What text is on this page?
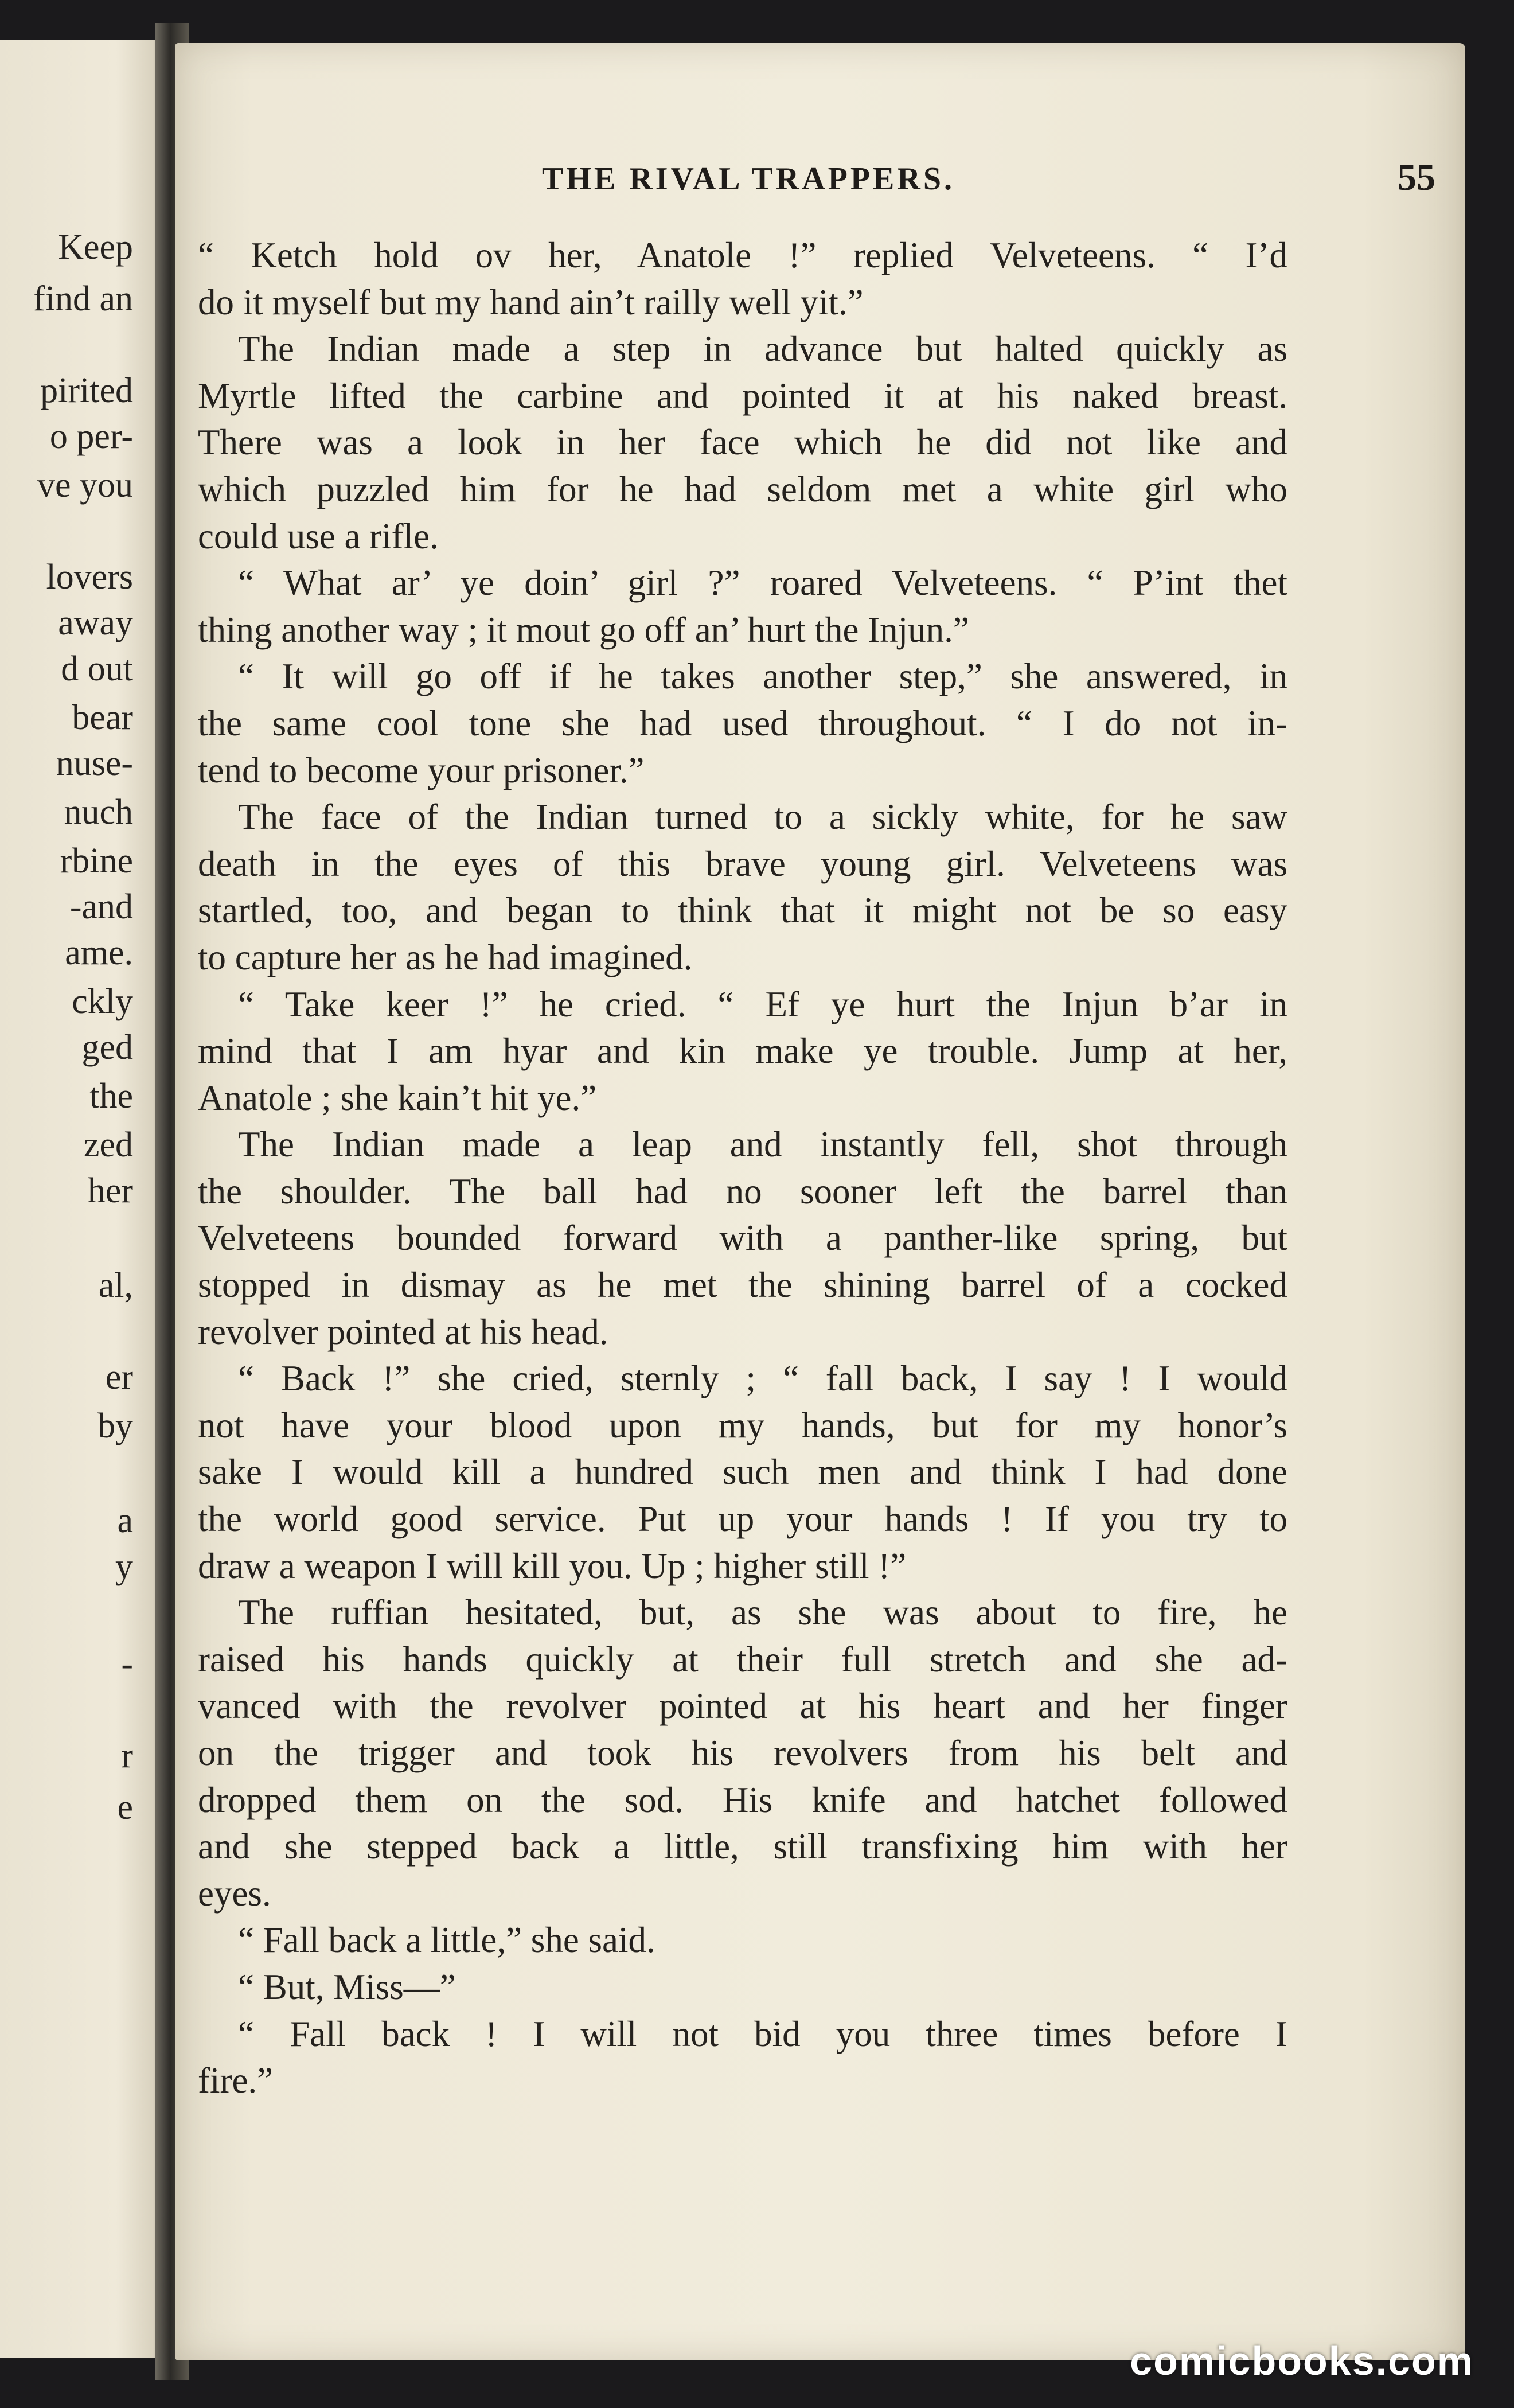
Keep
find an
pirited
o per-
ve you
lovers
away
d out
bear
nuse-
nuch
rbine
-and
ame.
ckly
ged
the
zed
her
al,
er
by
a
y
-
r
e
THE RIVAL TRAPPERS.	55
“ Ketch hold ov her, Anatole !” replied Velveteens. “ I’d
do it myself but my hand ain’t railly well yit.”
The Indian made a step in advance but halted quickly as
Myrtle lifted the carbine and pointed it at his naked breast.
There was a look in her face which he did not like and
which puzzled him for he had seldom met a white girl who
could use a rifle.
“ What ar’ ye doin’ girl ?” roared Velveteens. “ P’int thet
thing another way ; it mout go off an’ hurt the Injun.”
“ It will go off if he takes another step,” she answered, in
the same cool tone she had used throughout. “ I do not in-
tend to become your prisoner.”
The face of the Indian turned to a sickly white, for he saw
death in the eyes of this brave young girl. Velveteens was
startled, too, and began to think that it might not be so easy
to capture her as he had imagined.
“ Take keer !” he cried. “ Ef ye hurt the Injun b’ar in
mind that I am hyar and kin make ye trouble. Jump at her,
Anatole ; she kain’t hit ye.”
The Indian made a leap and instantly fell, shot through
the shoulder. The ball had no sooner left the barrel than
Velveteens bounded forward with a panther-like spring, but
stopped in dismay as he met the shining barrel of a cocked
revolver pointed at his head.
“ Back !” she cried, sternly ; “ fall back, I say ! I would
not have your blood upon my hands, but for my honor’s
sake I would kill a hundred such men and think I had done
the world good service. Put up your hands ! If you try to
draw a weapon I will kill you. Up ; higher still !”
The ruffian hesitated, but, as she was about to fire, he
raised his hands quickly at their full stretch and she ad-
vanced with the revolver pointed at his heart and her finger
on the trigger and took his revolvers from his belt and
dropped them on the sod. His knife and hatchet followed
and she stepped back a little, still transfixing him with her
eyes.
“ Fall back a little,” she said.
“ But, Miss—”
“ Fall back ! I will not bid you three times before I
fire.”
comicbooks.com
